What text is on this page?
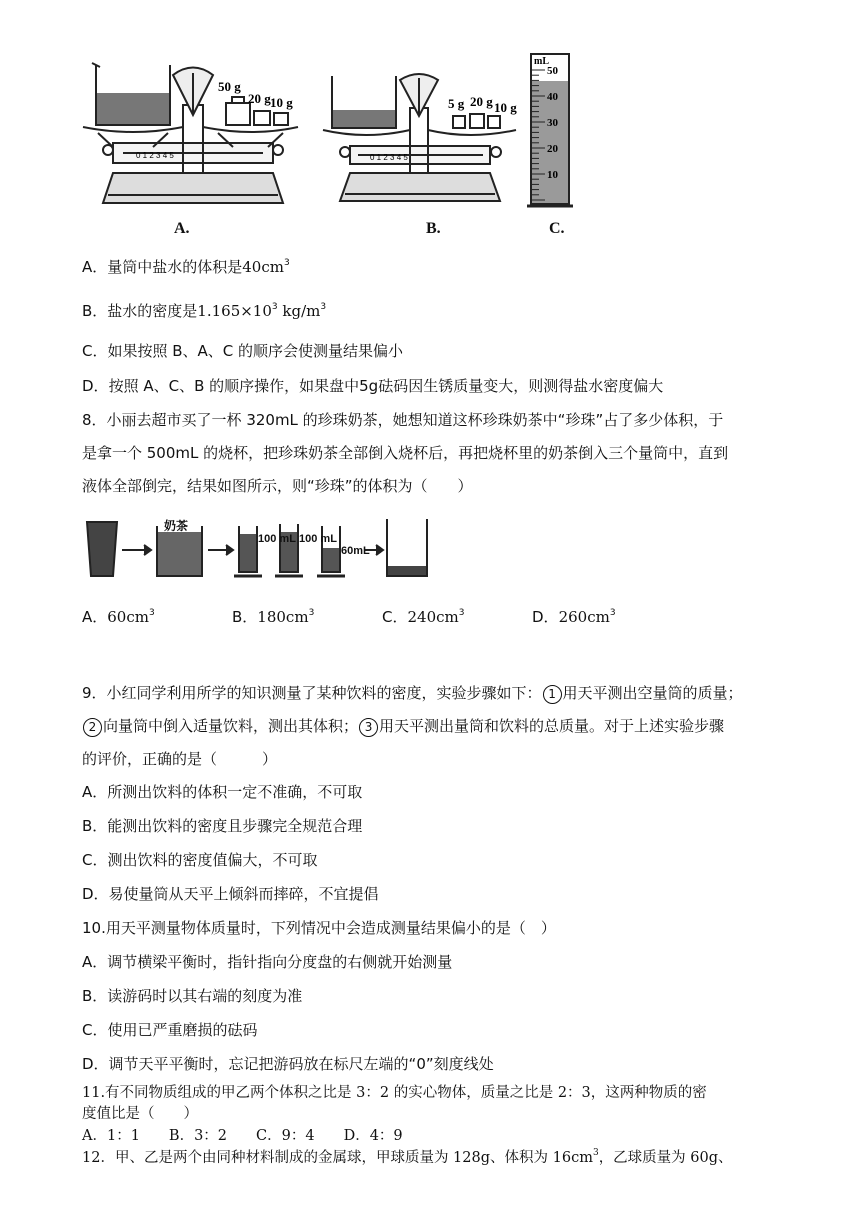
0 1 2 3 4 5
50 g
20 g 10 g
A.
0 1 2 3 4 5
5 g 20 g 10 g
B.
mL
50
40
30
20
10
C.
A．量筒中盐水的体积是$40cm^3$
B．盐水的密度是$1.165\times 10^3$ $kg/m^3$
C．如果按照 B、A、C 的顺序会使测量结果偏小
D．按照 A、C、B 的顺序操作，如果盘中5g砝码因生锈质量变大，则测得盐水密度偏大
8．小丽去超市买了一杯 320mL 的珍珠奶茶，她想知道这杯珍珠奶茶中“珍珠”占了多少体积，于
是拿一个 500mL 的烧杯，把珍珠奶茶全部倒入烧杯后，再把烧杯里的奶茶倒入三个量筒中，直到
液体全部倒完，结果如图所示，则“珍珠”的体积为（　　）
奶茶
100 mL 100 mL
60mL
A．$60cm^3$	B．$180cm^3$	C．$240cm^3$	D．$260cm^3$
9．小红同学利用所学的知识测量了某种饮料的密度，实验步骤如下： 1 用天平测出空量筒的质量；
2 向量筒中倒入适量饮料，测出其体积； 3 用天平测出量筒和饮料的总质量。对于上述实验步骤
的评价，正确的是（　　　）
A．所测出饮料的体积一定不准确，不可取
B．能测出饮料的密度且步骤完全规范合理
C．测出饮料的密度值偏大，不可取
D．易使量筒从天平上倾斜而摔碎，不宜提倡
10.用天平测量物体质量时，下列情况中会造成测量结果偏小的是（　）
A．调节横梁平衡时，指针指向分度盘的右侧就开始测量
B．读游码时以其右端的刻度为准
C．使用已严重磨损的砝码
D．调节天平平衡时，忘记把游码放在标尺左端的“0”刻度线处
11.有不同物质组成的甲乙两个体积之比是 3：2 的实心物体，质量之比是 2：3，这两种物质的密
度值比是（　　）
A．1：1　　B．3：2　　C．9：4　　D．4：9
12．甲、乙是两个由同种材料制成的金属球，甲球质量为 128g、体积为 $16cm^3$，乙球质量为 60g、
